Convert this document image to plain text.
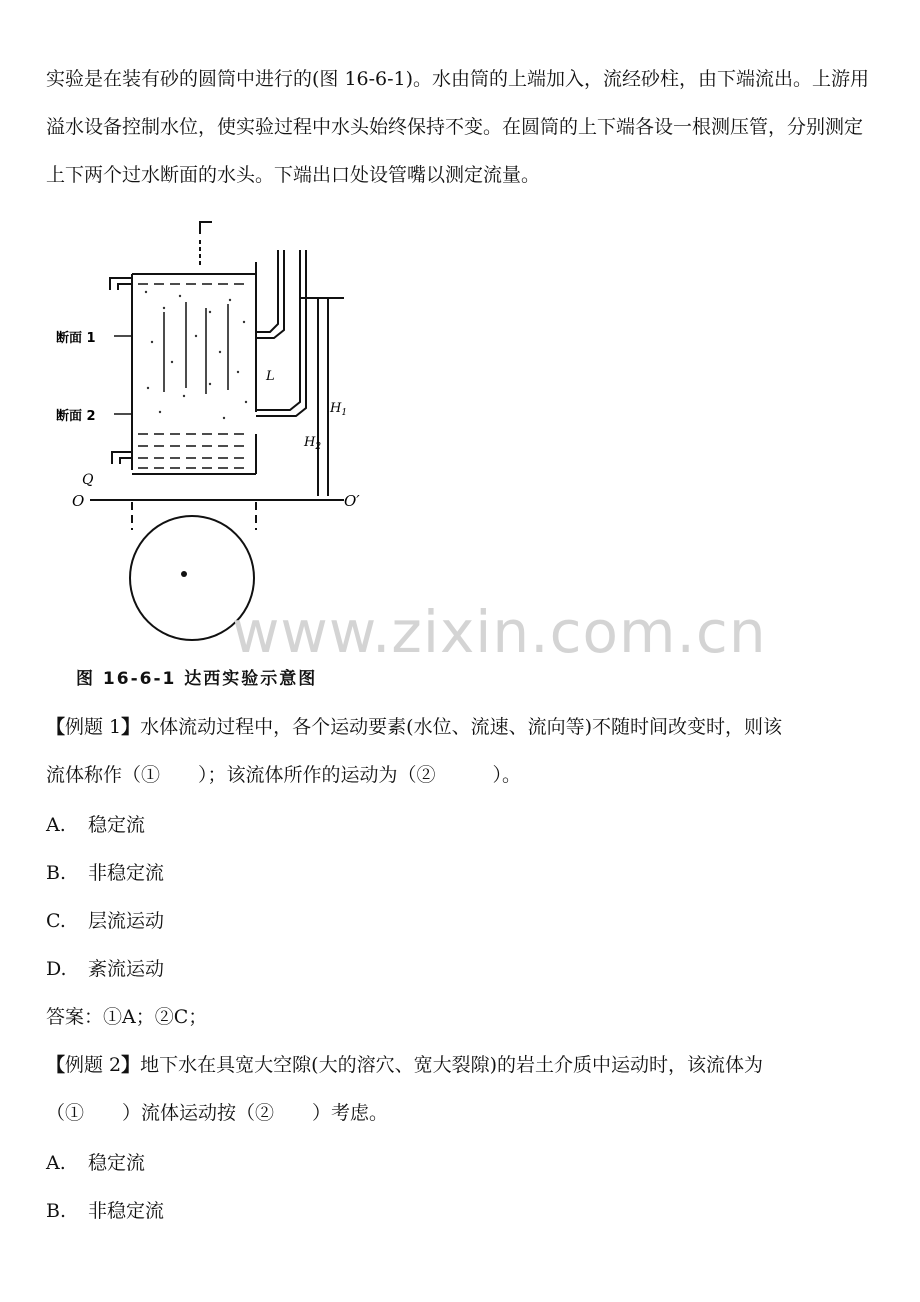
实验是在装有砂的圆筒中进行的(图 16-6-1)。水由筒的上端加入，流经砂柱，由下端流出。上游用溢水设备控制水位，使实验过程中水头始终保持不变。在圆筒的上下端各设一根测压管，分别测定上下两个过水断面的水头。下端出口处设管嘴以测定流量。

断面 1
断面 2
Q
O	O′
L
$H_1$
$H_2$
www.zixin.com.cn
图 16-6-1 达西实验示意图
【例题 1】水体流动过程中，各个运动要素(水位、流速、流向等)不随时间改变时，则该
流体称作（①　　）；该流体所作的运动为（②　　　）。
A. 稳定流
B. 非稳定流
C. 层流运动
D. 紊流运动
答案：①A；②C；
【例题 2】地下水在具宽大空隙(大的溶穴、宽大裂隙)的岩土介质中运动时，该流体为
（①　　）流体运动按（②　　）考虑。
A. 稳定流
B. 非稳定流
